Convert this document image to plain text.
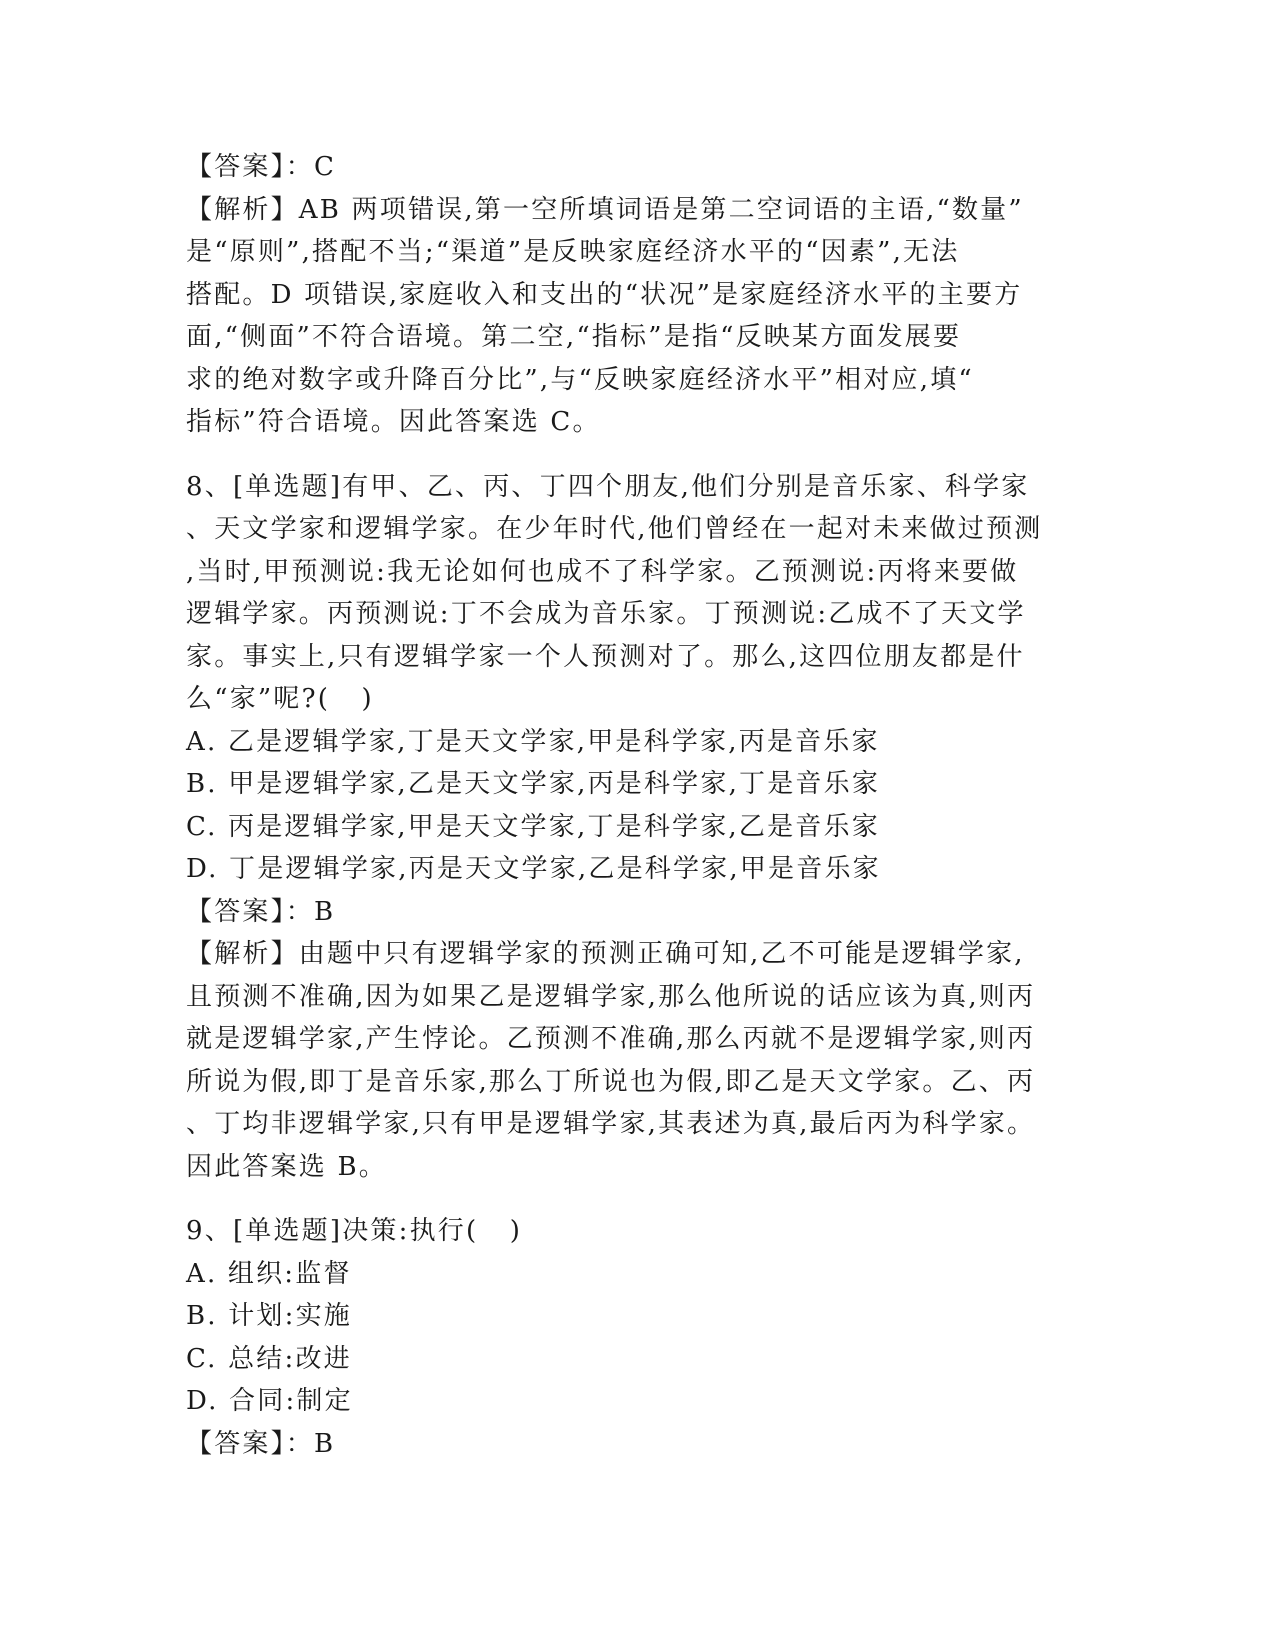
【答案】：C
【解析】AB 两项错误,第一空所填词语是第二空词语的主语,“数量”
是“原则”,搭配不当;“渠道”是反映家庭经济水平的“因素”,无法
搭配。D 项错误,家庭收入和支出的“状况”是家庭经济水平的主要方
面,“侧面”不符合语境。第二空,“指标”是指“反映某方面发展要
求的绝对数字或升降百分比”,与“反映家庭经济水平”相对应,填“
指标”符合语境。因此答案选 C。
8、[单选题]有甲、乙、丙、丁四个朋友,他们分别是音乐家、科学家
、天文学家和逻辑学家。在少年时代,他们曾经在一起对未来做过预测
,当时,甲预测说:我无论如何也成不了科学家。乙预测说:丙将来要做
逻辑学家。丙预测说:丁不会成为音乐家。丁预测说:乙成不了天文学
家。事实上,只有逻辑学家一个人预测对了。那么,这四位朋友都是什
么“家”呢?(   )
A. 乙是逻辑学家,丁是天文学家,甲是科学家,丙是音乐家
B. 甲是逻辑学家,乙是天文学家,丙是科学家,丁是音乐家
C. 丙是逻辑学家,甲是天文学家,丁是科学家,乙是音乐家
D. 丁是逻辑学家,丙是天文学家,乙是科学家,甲是音乐家
【答案】：B
【解析】由题中只有逻辑学家的预测正确可知,乙不可能是逻辑学家,
且预测不准确,因为如果乙是逻辑学家,那么他所说的话应该为真,则丙
就是逻辑学家,产生悖论。乙预测不准确,那么丙就不是逻辑学家,则丙
所说为假,即丁是音乐家,那么丁所说也为假,即乙是天文学家。乙、丙
、丁均非逻辑学家,只有甲是逻辑学家,其表述为真,最后丙为科学家。
因此答案选 B。
9、[单选题]决策:执行(   )
A. 组织:监督
B. 计划:实施
C. 总结:改进
D. 合同:制定
【答案】：B
